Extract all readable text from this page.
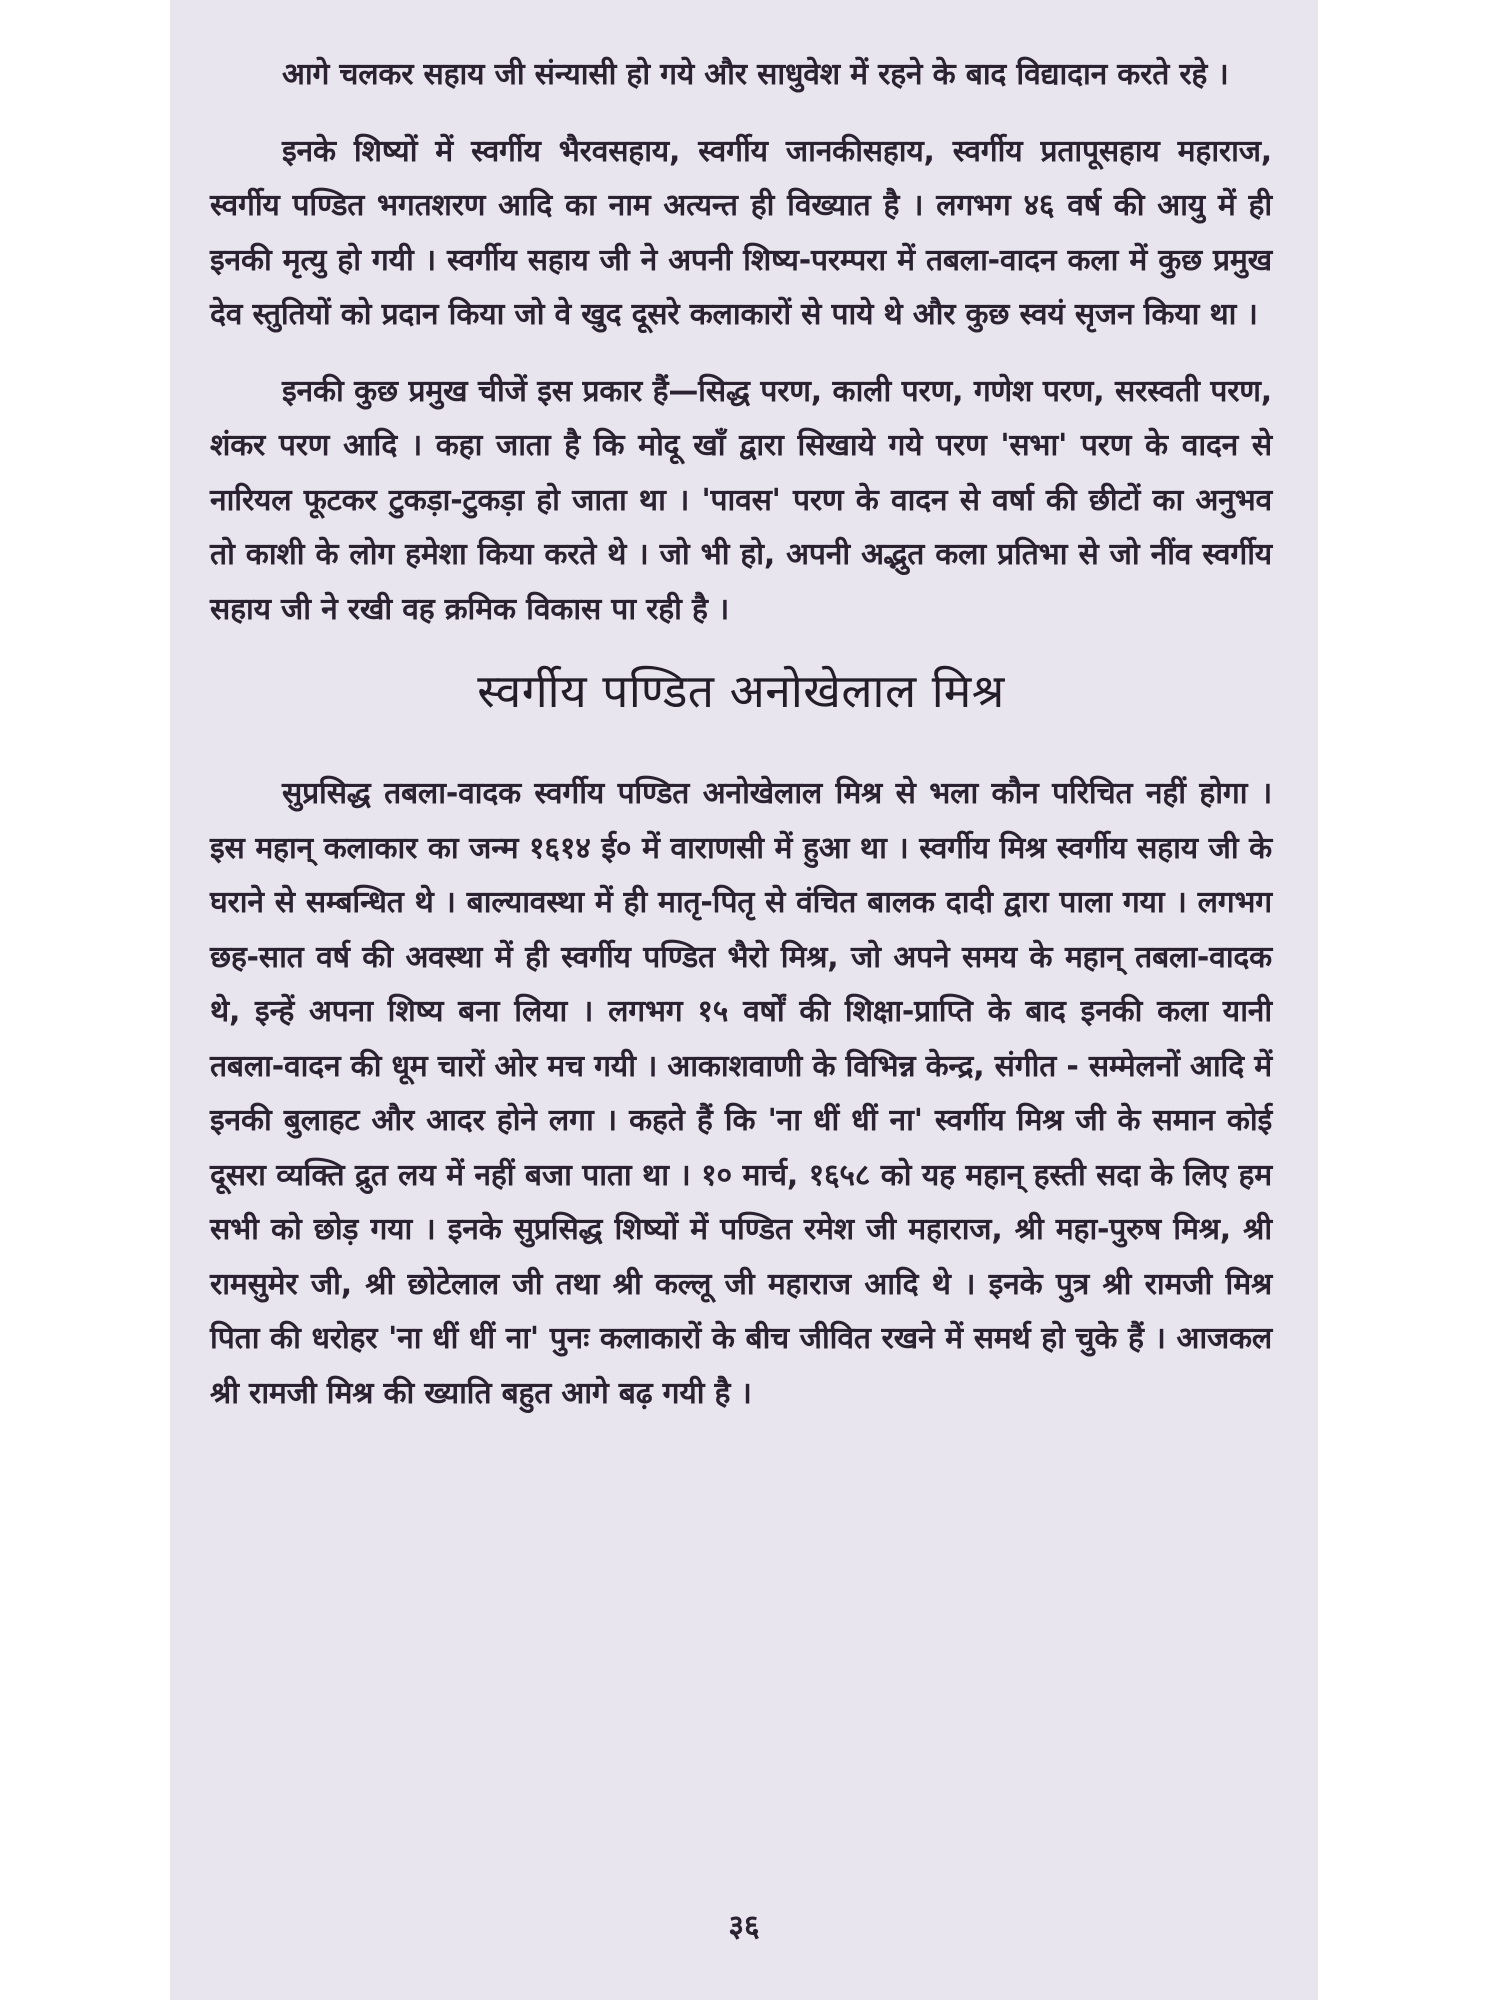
आगे चलकर सहाय जी संन्यासी हो गये और साधुवेश में रहने के बाद विद्यादान करते रहे ।

इनके शिष्यों में स्वर्गीय भैरवसहाय, स्वर्गीय जानकीसहाय, स्वर्गीय प्रतापूसहाय महाराज, स्वर्गीय पण्डित भगतशरण आदि का नाम अत्यन्त ही विख्यात है । लगभग ४६ वर्ष की आयु में ही इनकी मृत्यु हो गयी । स्वर्गीय सहाय जी ने अपनी शिष्य-परम्परा में तबला-वादन कला में कुछ प्रमुख देव स्तुतियों को प्रदान किया जो वे खुद दूसरे कलाकारों से पाये थे और कुछ स्वयं सृजन किया था ।

इनकी कुछ प्रमुख चीजें इस प्रकार हैं—सिद्ध परण, काली परण, गणेश परण, सरस्वती परण, शंकर परण आदि । कहा जाता है कि मोदू खाँ द्वारा सिखाये गये परण 'सभा' परण के वादन से नारियल फूटकर टुकड़ा-टुकड़ा हो जाता था । 'पावस' परण के वादन से वर्षा की छीटों का अनुभव तो काशी के लोग हमेशा किया करते थे । जो भी हो, अपनी अद्भुत कला प्रतिभा से जो नींव स्वर्गीय सहाय जी ने रखी वह क्रमिक विकास पा रही है ।

स्वर्गीय पण्डित अनोखेलाल मिश्र

सुप्रसिद्ध तबला-वादक स्वर्गीय पण्डित अनोखेलाल मिश्र से भला कौन परिचित नहीं होगा । इस महान् कलाकार का जन्म १६१४ ई० में वाराणसी में हुआ था । स्वर्गीय मिश्र स्वर्गीय सहाय जी के घराने से सम्बन्धित थे । बाल्यावस्था में ही मातृ-पितृ से वंचित बालक दादी द्वारा पाला गया । लगभग छह-सात वर्ष की अवस्था में ही स्वर्गीय पण्डित भैरो मिश्र, जो अपने समय के महान् तबला-वादक थे, इन्हें अपना शिष्य बना लिया । लगभग १५ वर्षों की शिक्षा-प्राप्ति के बाद इनकी कला यानी तबला-वादन की धूम चारों ओर मच गयी । आकाशवाणी के विभिन्न केन्द्र, संगीत - सम्मेलनों आदि में इनकी बुलाहट और आदर होने लगा । कहते हैं कि 'ना धीं धीं ना' स्वर्गीय मिश्र जी के समान कोई दूसरा व्यक्ति द्रुत लय में नहीं बजा पाता था । १० मार्च, १६५८ को यह महान् हस्ती सदा के लिए हम सभी को छोड़ गया । इनके सुप्रसिद्ध शिष्यों में पण्डित रमेश जी महाराज, श्री महा-पुरुष मिश्र, श्री रामसुमेर जी, श्री छोटेलाल जी तथा श्री कल्लू जी महाराज आदि थे । इनके पुत्र श्री रामजी मिश्र पिता की धरोहर 'ना धीं धीं ना' पुनः कलाकारों के बीच जीवित रखने में समर्थ हो चुके हैं । आजकल श्री रामजी मिश्र की ख्याति बहुत आगे बढ़ गयी है ।

३६
